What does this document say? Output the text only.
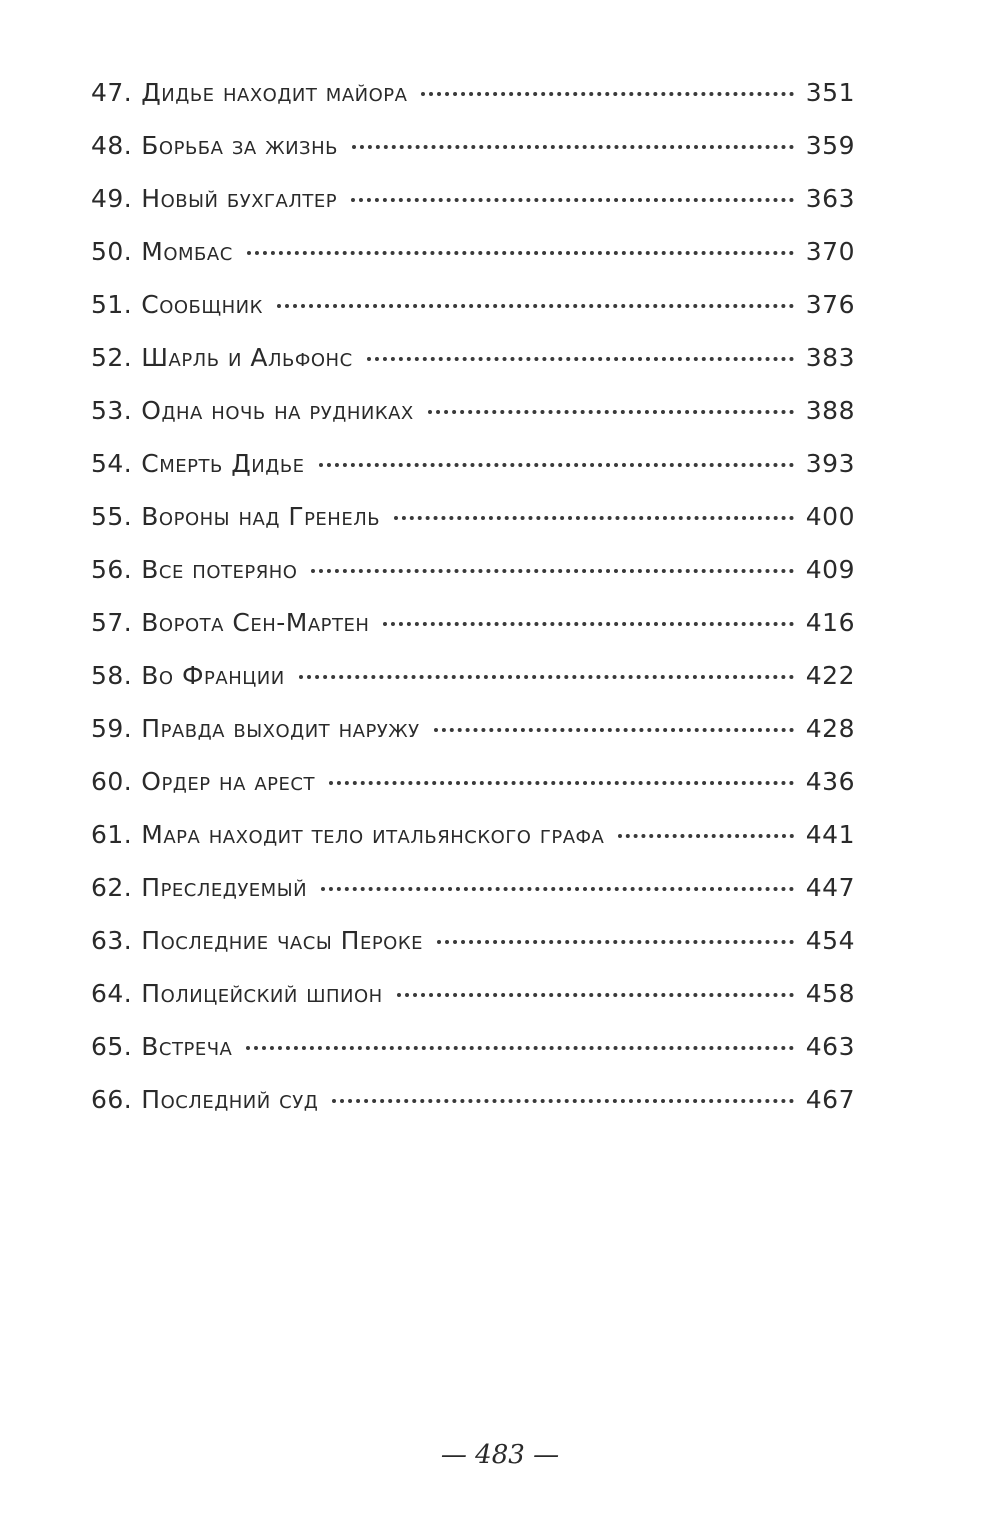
47. Дидье находит майора	351
48. Борьба за жизнь	359
49. Новый бухгалтер	363
50. Момбас	370
51. Сообщник	376
52. Шарль и Альфонс	383
53. Одна ночь на рудниках	388
54. Смерть Дидье	393
55. Вороны над Гренель	400
56. Все потеряно	409
57. Ворота Сен-Мартен	416
58. Во Франции	422
59. Правда выходит наружу	428
60. Ордер на арест	436
61. Мара находит тело итальянского графа	441
62. Преследуемый	447
63. Последние часы Пероке	454
64. Полицейский шпион	458
65. Встреча	463
66. Последний суд	467
— 483 —
